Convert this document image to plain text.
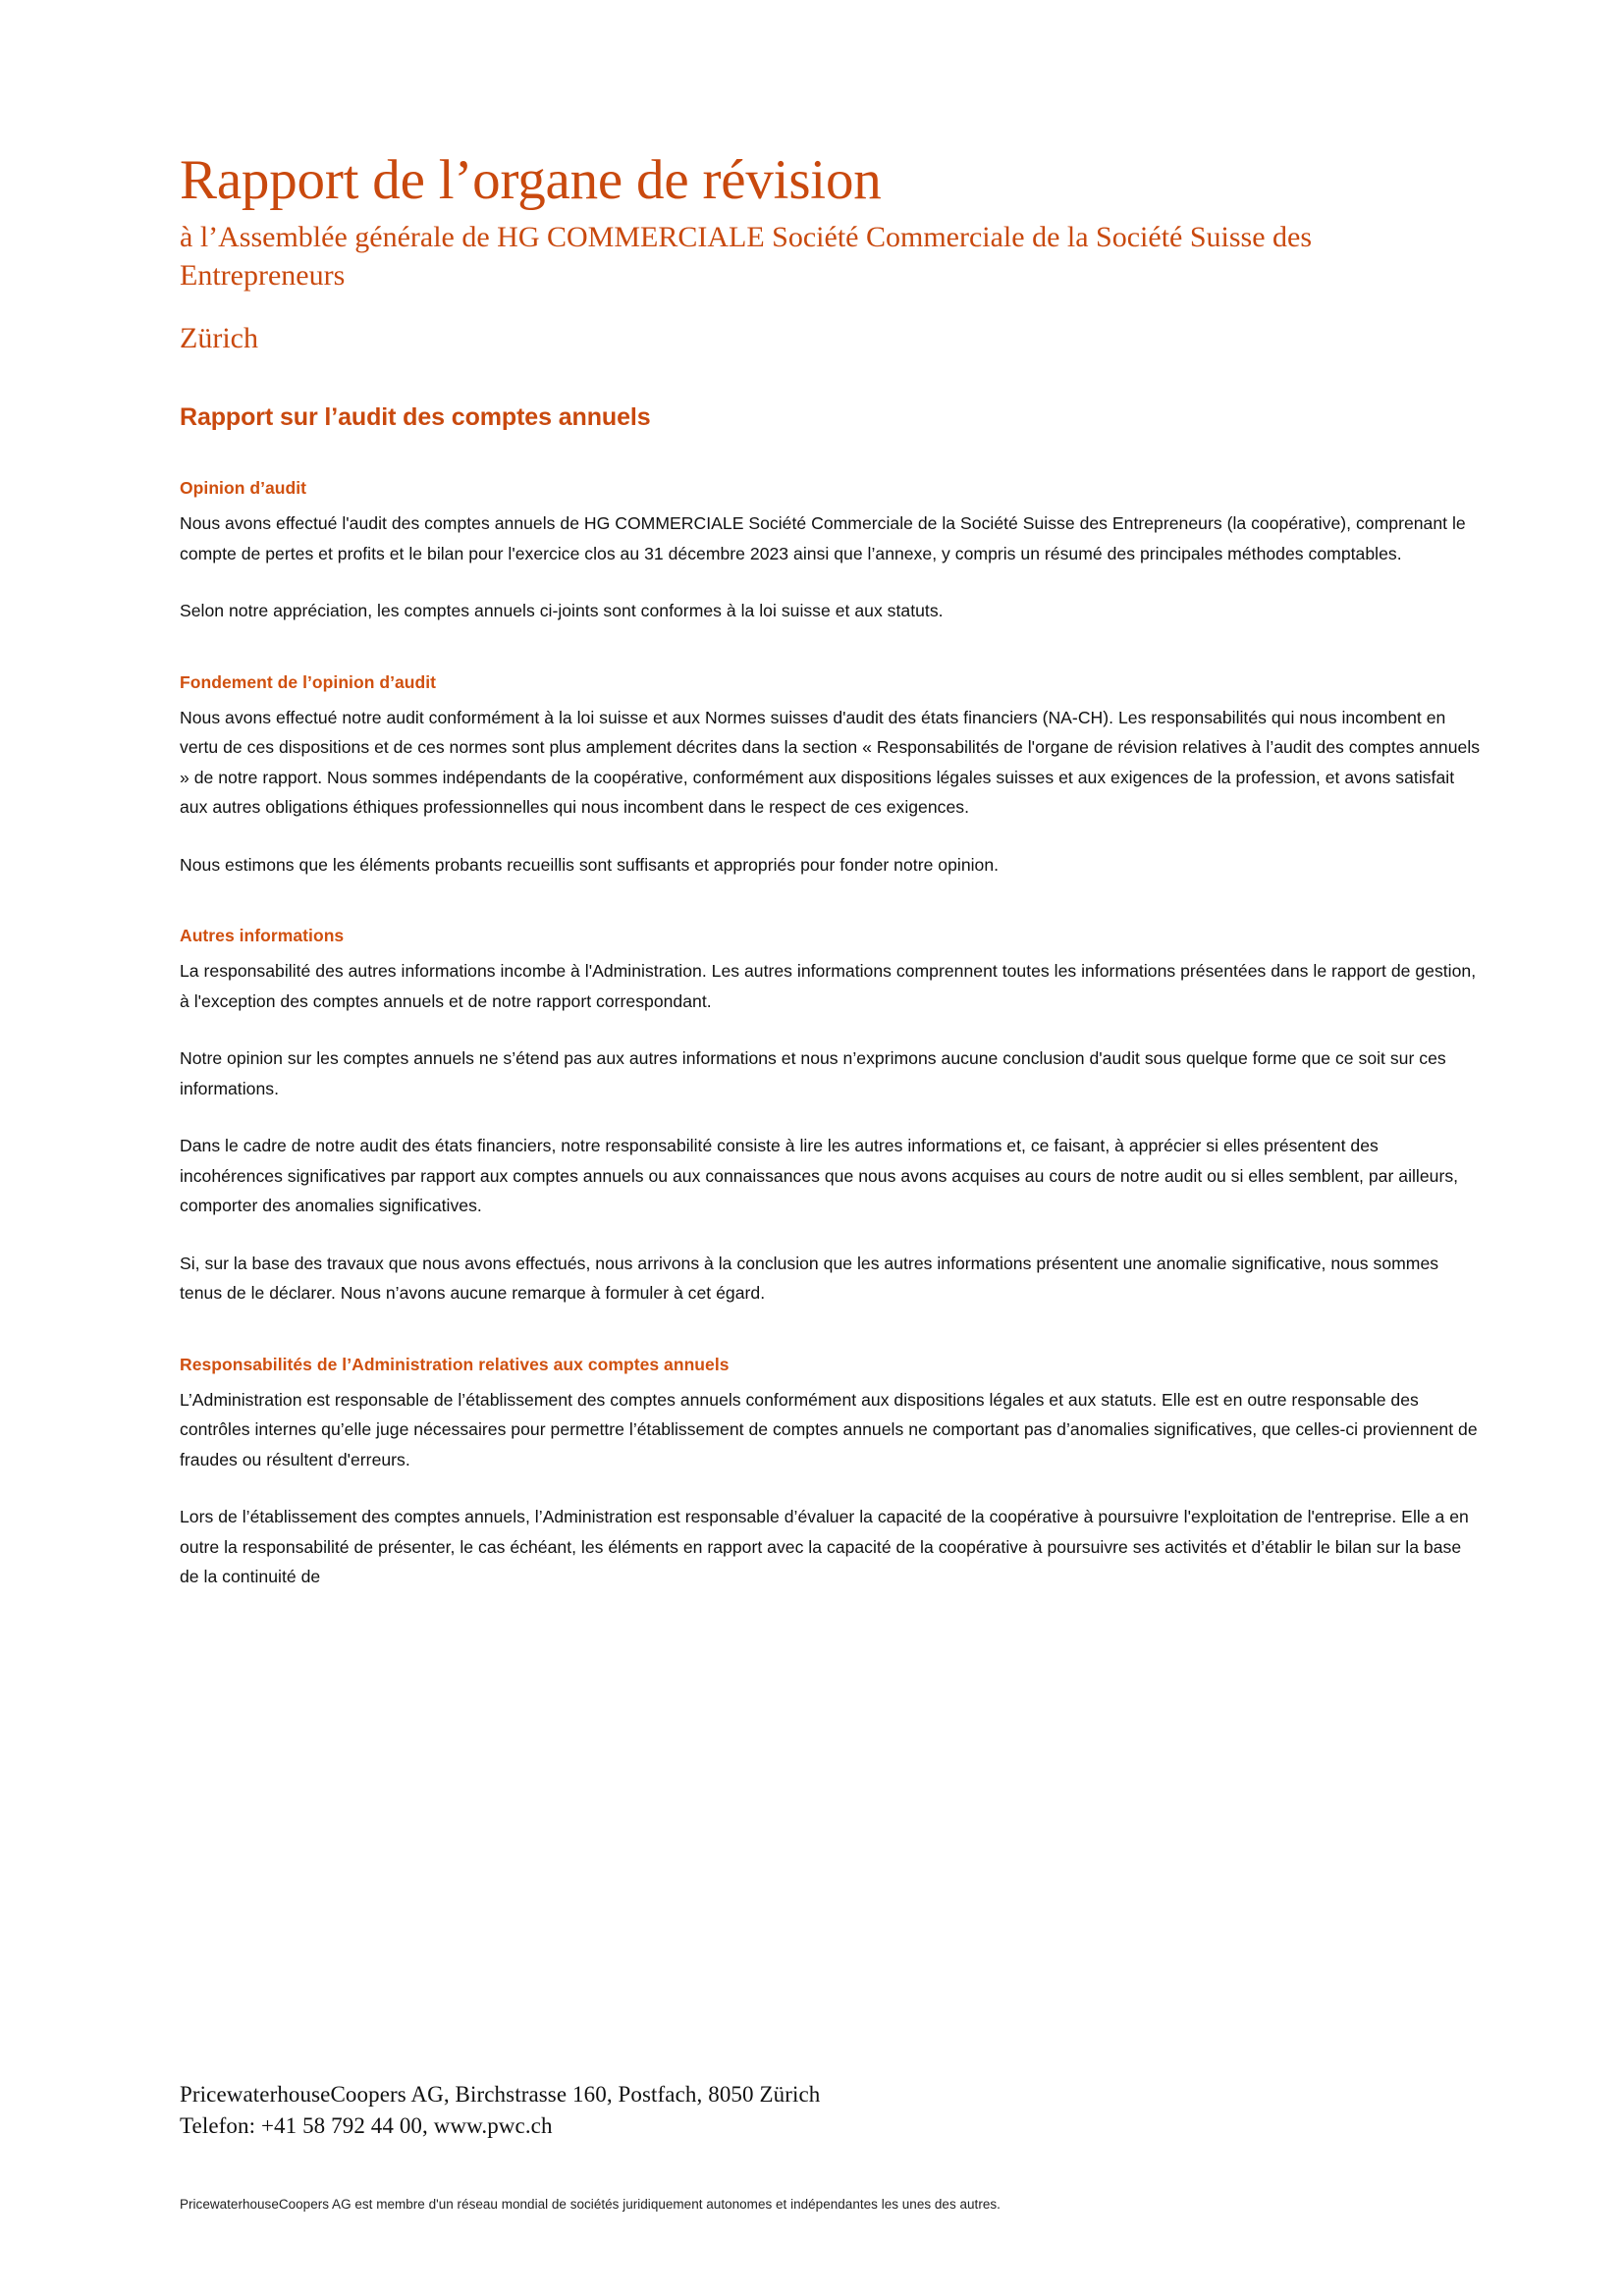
Rapport de l’organe de révision

à l’Assemblée générale de HG COMMERCIALE Société Commerciale de la Société Suisse des Entrepreneurs

Zürich

Rapport sur l’audit des comptes annuels
Opinion d’audit

Nous avons effectué l'audit des comptes annuels de HG COMMERCIALE Société Commerciale de la Société Suisse des Entrepreneurs (la coopérative), comprenant le compte de pertes et profits et le bilan pour l'exercice clos au 31 décembre 2023 ainsi que l’annexe, y compris un résumé des principales méthodes comptables.

Selon notre appréciation, les comptes annuels ci-joints sont conformes à la loi suisse et aux statuts.

Fondement de l’opinion d’audit

Nous avons effectué notre audit conformément à la loi suisse et aux Normes suisses d'audit des états financiers (NA-CH). Les responsabilités qui nous incombent en vertu de ces dispositions et de ces normes sont plus amplement décrites dans la section « Responsabilités de l'organe de révision relatives à l’audit des comptes annuels » de notre rapport. Nous sommes indépendants de la coopérative, conformément aux dispositions légales suisses et aux exigences de la profession, et avons satisfait aux autres obligations éthiques professionnelles qui nous incombent dans le respect de ces exigences.

Nous estimons que les éléments probants recueillis sont suffisants et appropriés pour fonder notre opinion.

Autres informations

La responsabilité des autres informations incombe à l'Administration. Les autres informations comprennent toutes les informations présentées dans le rapport de gestion, à l'exception des comptes annuels et de notre rapport correspondant.

Notre opinion sur les comptes annuels ne s’étend pas aux autres informations et nous n’exprimons aucune conclusion d'audit sous quelque forme que ce soit sur ces informations.

Dans le cadre de notre audit des états financiers, notre responsabilité consiste à lire les autres informations et, ce faisant, à apprécier si elles présentent des incohérences significatives par rapport aux comptes annuels ou aux connaissances que nous avons acquises au cours de notre audit ou si elles semblent, par ailleurs, comporter des anomalies significatives.

Si, sur la base des travaux que nous avons effectués, nous arrivons à la conclusion que les autres informations présentent une anomalie significative, nous sommes tenus de le déclarer. Nous n’avons aucune remarque à formuler à cet égard.

Responsabilités de l’Administration relatives aux comptes annuels

L’Administration est responsable de l’établissement des comptes annuels conformément aux dispositions légales et aux statuts. Elle est en outre responsable des contrôles internes qu’elle juge nécessaires pour permettre l’établissement de comptes annuels ne comportant pas d’anomalies significatives, que celles-ci proviennent de fraudes ou résultent d'erreurs.

Lors de l’établissement des comptes annuels, l’Administration est responsable d’évaluer la capacité de la coopérative à poursuivre l'exploitation de l'entreprise. Elle a en outre la responsabilité de présenter, le cas échéant, les éléments en rapport avec la capacité de la coopérative à poursuivre ses activités et d’établir le bilan sur la base de la continuité de

PricewaterhouseCoopers AG, Birchstrasse 160, Postfach, 8050 Zürich

Telefon: +41 58 792 44 00, www.pwc.ch

PricewaterhouseCoopers AG est membre d'un réseau mondial de sociétés juridiquement autonomes et indépendantes les unes des autres.
